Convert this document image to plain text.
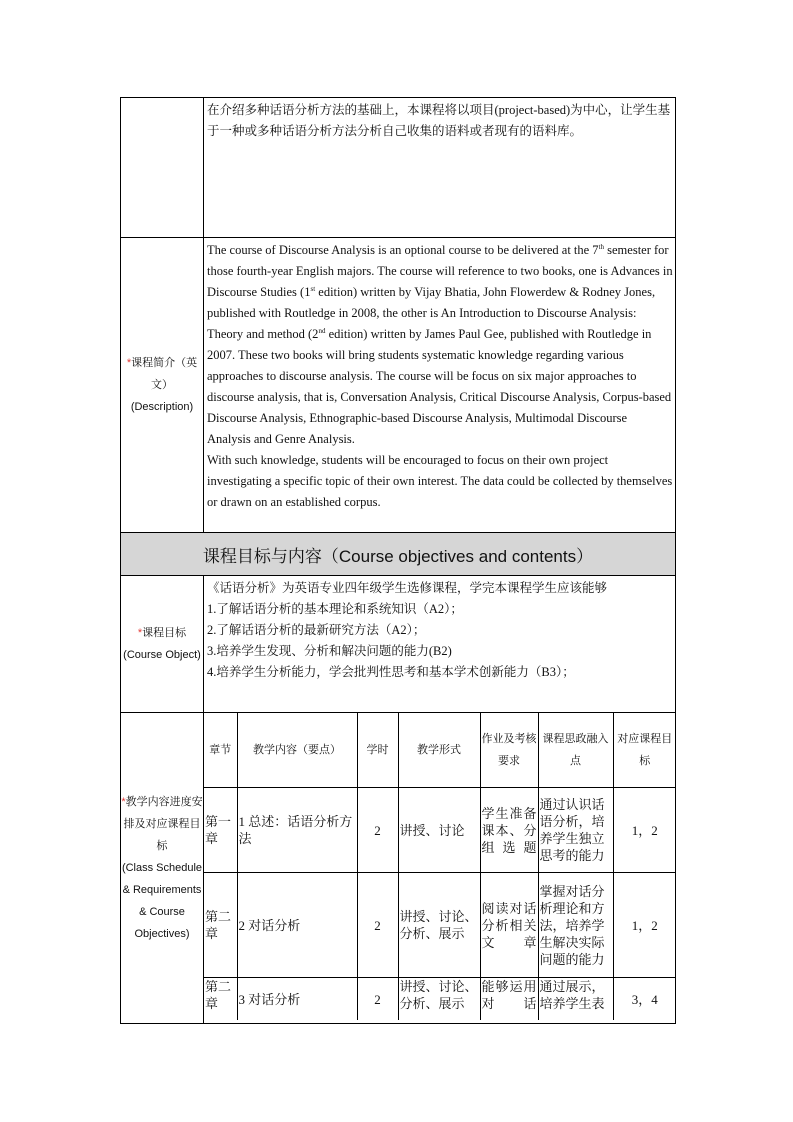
	在介绍多种话语分析方法的基础上，本课程将以项目(project-based)为中心，让学生基于一种或多种话语分析方法分析自己收集的语料或者现有的语料库。
*课程简介（英文）
(Description)	

The course of Discourse Analysis is an optional course to be delivered at the 7th semester for those fourth-year English majors. The course will reference to two books, one is Advances in Discourse Studies (1st edition) written by Vijay Bhatia, John Flowerdew & Rodney Jones, published with Routledge in 2008, the other is An Introduction to Discourse Analysis: Theory and method (2nd edition) written by James Paul Gee, published with Routledge in 2007. These two books will bring students systematic knowledge regarding various approaches to discourse analysis. The course will be focus on six major approaches to discourse analysis, that is, Conversation Analysis, Critical Discourse Analysis, Corpus-based Discourse Analysis, Ethnographic-based Discourse Analysis, Multimodal Discourse Analysis and Genre Analysis.

With such knowledge, students will be encouraged to focus on their own project investigating a specific topic of their own interest. The data could be collected by themselves or drawn on an established corpus.

课程目标与内容（Course objectives and contents）
*课程目标
(Course Object)	
《话语分析》为英语专业四年级学生选修课程，学完本课程学生应该能够
1.了解话语分析的基本理论和系统知识（A2）；
2.了解话语分析的最新研究方法（A2）；
3.培养学生发现、分析和解决问题的能力(B2)
4.培养学生分析能力，学会批判性思考和基本学术创新能力（B3）；

*教学内容进度安排及对应课程目标
(Class Schedule & Requirements & Course Objectives)	
章节	教学内容（要点）	学时	教学形式	作业及考核要求	课程思政融入点	对应课程目标
第一章	1 总述：话语分析方法	2	讲授、讨论	学生准备课本、分组选题	通过认识话语分析，培养学生独立思考的能力	1，2
第二章	2 对话分析	2	讲授、讨论、分析、展示	阅读对话分析相关文章	掌握对话分析理论和方法，培养学生解决实际问题的能力	1，2
第二章	3 对话分析	2	讲授、讨论、分析、展示	能够运用对话	通过展示，培养学生表	3，4
